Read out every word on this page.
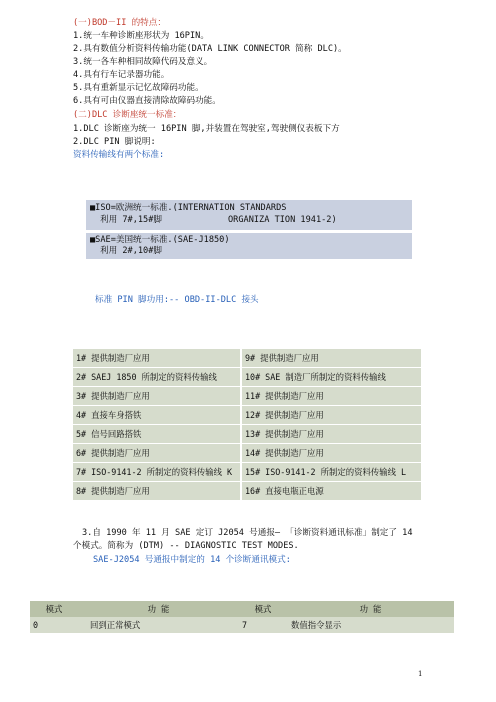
(一)BOD－II 的特点：
1.统一车种诊断座形状为 16PIN。
2.具有数值分析资料传输功能(DATA LINK CONNECTOR 简称 DLC)。
3.统一各车种相同故障代码及意义。
4.具有行车记录器功能。
5.具有重新显示记忆故障码功能。
6.具有可由仪器直接清除故障码功能。
(二)DLC 诊断座统一标准：
1.DLC 诊断座为统一 16PIN 脚,并装置在驾驶室,驾驶侧仪表板下方
2.DLC PIN 脚说明:
资料传输线有两个标准:
■ISO=欧洲统一标准.(INTERNATION STANDARDS
利用 7#,15#脚	ORGANIZA TION 1941-2)
■SAE=美国统一标准.(SAE-J1850)
利用 2#,10#脚
标准 PIN 脚功用:-- OBD-II-DLC 接头
1# 提供制造厂应用	9# 提供制造厂应用
2# SAEJ 1850 所制定的资料传输线	10# SAE 制造厂所制定的资料传输线
3# 提供制造厂应用	11# 提供制造厂应用
4# 直接车身搭铁	12# 提供制造厂应用
5# 信号回路搭铁	13# 提供制造厂应用
6# 提供制造厂应用	14# 提供制造厂应用
7# ISO-9141-2 所制定的资料传输线 K	15# ISO-9141-2 所制定的资料传输线 L
8# 提供制造厂应用	16# 直接电瓶正电源
3.自 1990 年 11 月 SAE 定订 J2054 号通报— 「诊断资料通讯标准」制定了 14
个模式。简称为 (DTM) -- DIAGNOSTIC TEST MODES.
SAE-J2054 号通报中制定的 14 个诊断通讯模式:
模式	功 能	模式	功 能
0	回到正常模式	7	数值指令显示
1
